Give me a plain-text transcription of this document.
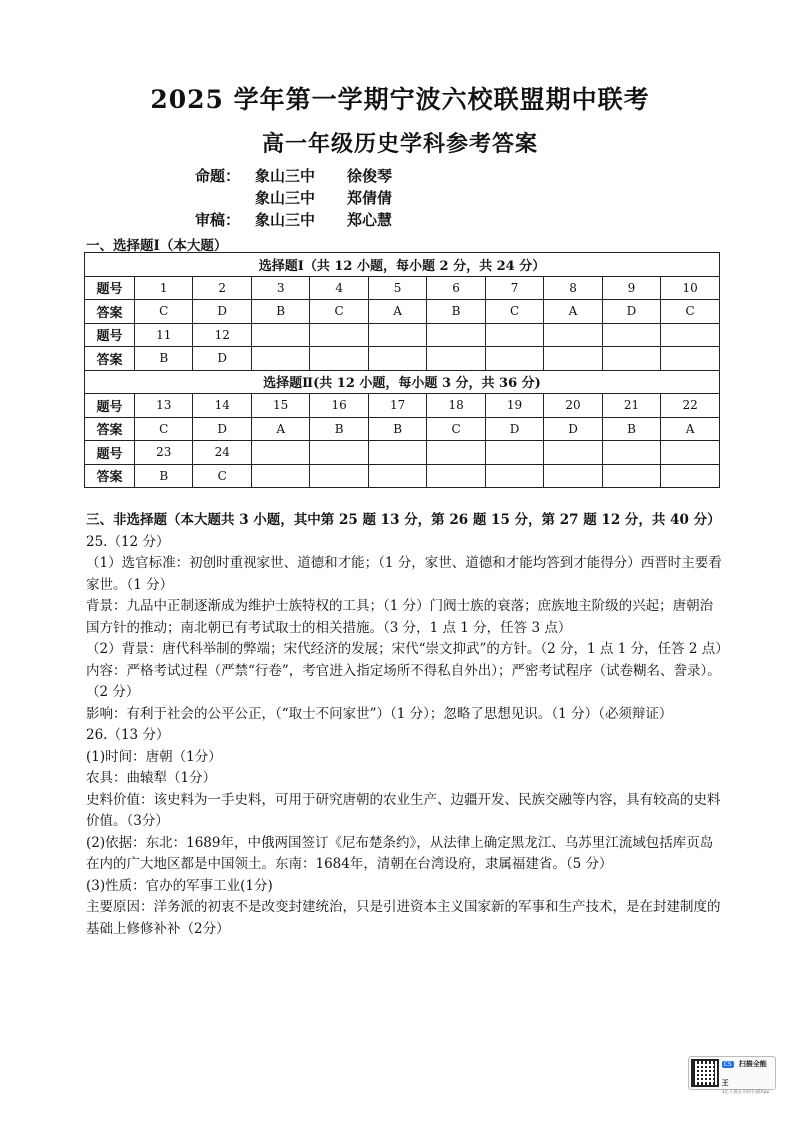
2025 学年第一学期宁波六校联盟期中联考
高一年级历史学科参考答案
命题： 象山三中	徐俊琴
象山三中	郑倩倩
审稿： 象山三中	郑心慧
一、选择题Ⅰ（本大题）
选择题Ⅰ（共 12 小题，每小题 2 分，共 24 分）										
题号	1	2	3	4	5	6	7	8	9	10
答案	C	D	B	C	A	B	C	A	D	C
题号	11	12								
答案	B	D								
选择题Ⅱ(共 12 小题，每小题 3 分，共 36 分)										
题号	13	14	15	16	17	18	19	20	21	22
答案	C	D	A	B	B	C	D	D	B	A
题号	23	24								
答案	B	C								

三、非选择题（本大题共 3 小题，其中第 25 题 13 分，第 26 题 15 分，第 27 题 12 分，共 40 分）

25.（12 分）

（1）选官标准：初创时重视家世、道德和才能；（1 分，家世、道德和才能均答到才能得分）西晋时主要看家世。（1 分）

背景：九品中正制逐渐成为维护士族特权的工具；（1 分）门阀士族的衰落；庶族地主阶级的兴起；唐朝治国方针的推动；南北朝已有考试取士的相关措施。（3 分，1 点 1 分，任答 3 点）

（2）背景：唐代科举制的弊端；宋代经济的发展；宋代“崇文抑武”的方针。（2 分，1 点 1 分，任答 2 点）

内容：严格考试过程（严禁“行卷”，考官进入指定场所不得私自外出）；严密考试程序（试卷糊名、誊录）。（2 分）

影响：有利于社会的公平公正，（“取士不问家世”）（1 分）；忽略了思想见识。（1 分）（必须辩证）

26.（13 分）

(1)时间：唐朝（1分）

农具：曲辕犁（1分）

史料价值：该史料为一手史料，可用于研究唐朝的农业生产、边疆开发、民族交融等内容，具有较高的史料价值。（3分）

(2)依据：东北：1689年，中俄两国签订《尼布楚条约》，从法律上确定黑龙江、乌苏里江流域包括库页岛在内的广大地区都是中国领土。东南：1684年，清朝在台湾设府，隶属福建省。（5 分）

(3)性质：官办的军事工业(1分)

主要原因：洋务派的初衷不是改变封建统治，只是引进资本主义国家新的军事和生产技术，是在封建制度的基础上修修补补（2分）

CS 扫描全能王
3亿人都在用的扫描App
